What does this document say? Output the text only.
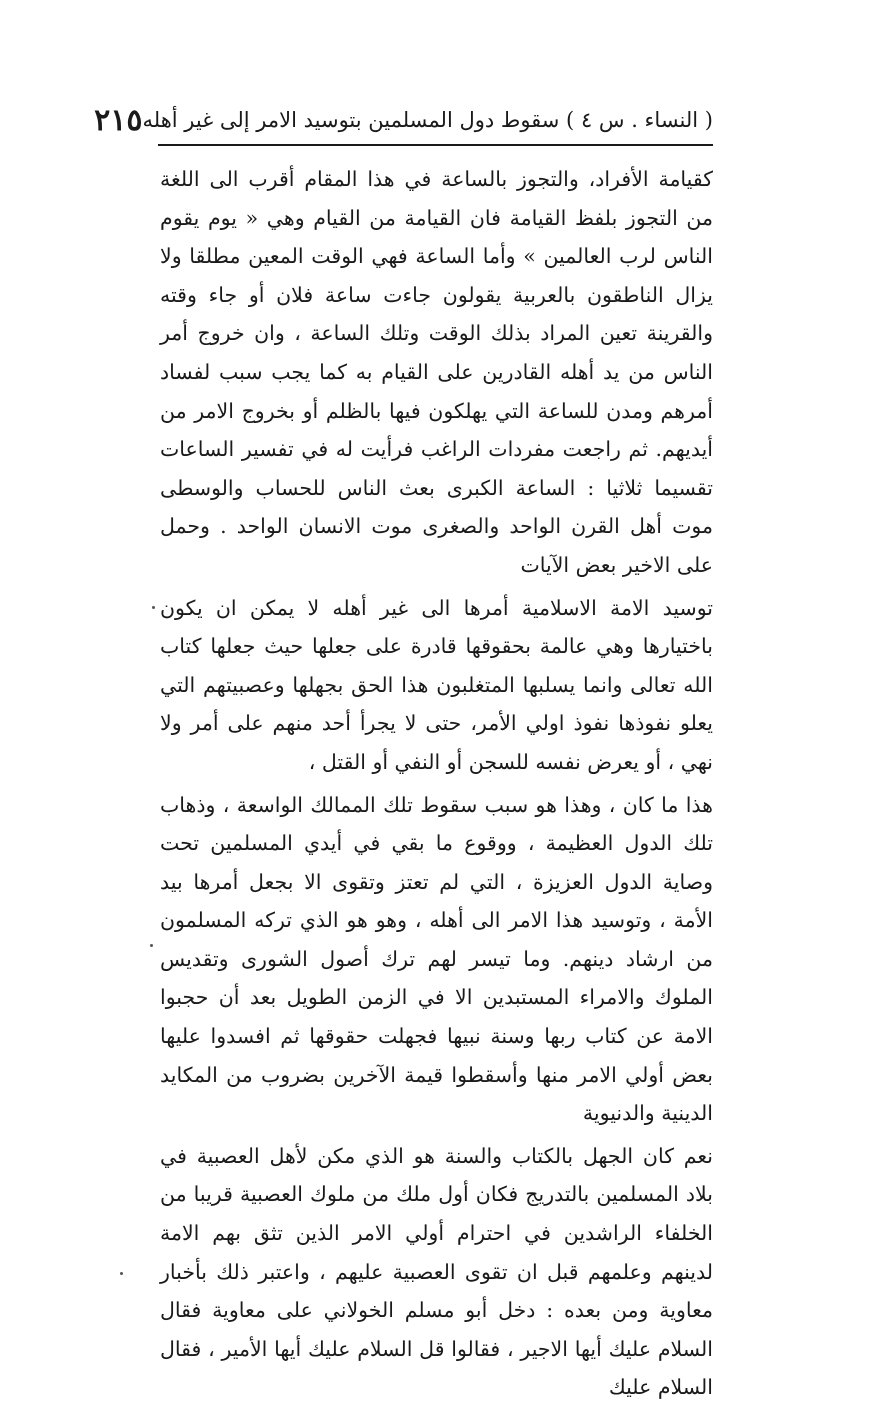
( النساء . س ٤ ) سقوط دول المسلمين بتوسيد الامر إلى غير أهله
٢١٥

كقيامة الأفراد، والتجوز بالساعة في هذا المقام أقرب الى اللغة من التجوز بلفظ القيامة فان القيامة من القيام وهي « يوم يقوم الناس لرب العالمين » وأما الساعة فهي الوقت المعين مطلقا ولا يزال الناطقون بالعربية يقولون جاءت ساعة فلان أو جاء وقته والقرينة تعين المراد بذلك الوقت وتلك الساعة ، وان خروج أمر الناس من يد أهله القادرين على القيام به كما يجب سبب لفساد أمرهم ومدن للساعة التي يهلكون فيها بالظلم أو بخروج الامر من أيديهم. ثم راجعت مفردات الراغب فرأيت له في تفسير الساعات تقسيما ثلاثيا : الساعة الكبرى بعث الناس للحساب والوسطى موت أهل القرن الواحد والصغرى موت الانسان الواحد . وحمل على الاخير بعض الآيات

توسيد الامة الاسلامية أمرها الى غير أهله لا يمكن ان يكون باختيارها وهي عالمة بحقوقها قادرة على جعلها حيث جعلها كتاب الله تعالى وانما يسلبها المتغلبون هذا الحق بجهلها وعصبيتهم التي يعلو نفوذها نفوذ اولي الأمر، حتى لا يجرأ أحد منهم على أمر ولا نهي ، أو يعرض نفسه للسجن أو النفي أو القتل ،

هذا ما كان ، وهذا هو سبب سقوط تلك الممالك الواسعة ، وذهاب تلك الدول العظيمة ، ووقوع ما بقي في أيدي المسلمين تحت وصاية الدول العزيزة ، التي لم تعتز وتقوى الا بجعل أمرها بيد الأمة ، وتوسيد هذا الامر الى أهله ، وهو هو الذي تركه المسلمون من ارشاد دينهم. وما تيسر لهم ترك أصول الشورى وتقديس الملوك والامراء المستبدين الا في الزمن الطويل بعد أن حجبوا الامة عن كتاب ربها وسنة نبيها فجهلت حقوقها ثم افسدوا عليها بعض أولي الامر منها وأسقطوا قيمة الآخرين بضروب من المكايد الدينية والدنيوية

نعم كان الجهل بالكتاب والسنة هو الذي مكن لأهل العصبية في بلاد المسلمين بالتدريج فكان أول ملك من ملوك العصبية قريبا من الخلفاء الراشدين في احترام أولي الامر الذين تثق بهم الامة لدينهم وعلمهم قبل ان تقوى العصبية عليهم ، واعتبر ذلك بأخبار معاوية ومن بعده : دخل أبو مسلم الخولاني على معاوية فقال السلام عليك أيها الاجير ، فقالوا قل السلام عليك أيها الأمير ، فقال السلام عليك
